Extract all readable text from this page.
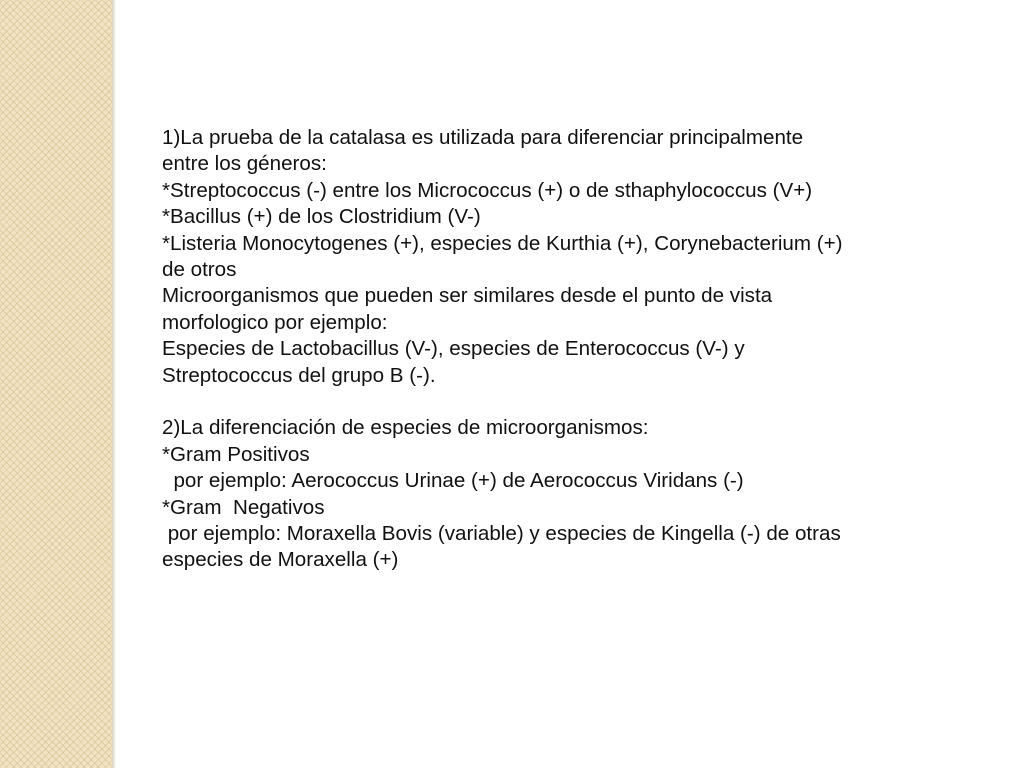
1)La prueba de la catalasa es utilizada para diferenciar principalmente
entre los géneros:
*Streptococcus (-) entre los Micrococcus (+) o de sthaphylococcus (V+)
*Bacillus (+) de los Clostridium (V-)
*Listeria Monocytogenes (+), especies de Kurthia (+), Corynebacterium (+)
de otros
Microorganismos que pueden ser similares desde el punto de vista
morfologico por ejemplo:
Especies de Lactobacillus (V-), especies de Enterococcus (V-) y
Streptococcus del grupo B (-).
2)La diferenciación de especies de microorganismos:
*Gram Positivos
por ejemplo: Aerococcus Urinae (+) de Aerococcus Viridans (-)
*Gram  Negativos
por ejemplo: Moraxella Bovis (variable) y especies de Kingella (-) de otras
especies de Moraxella (+)
